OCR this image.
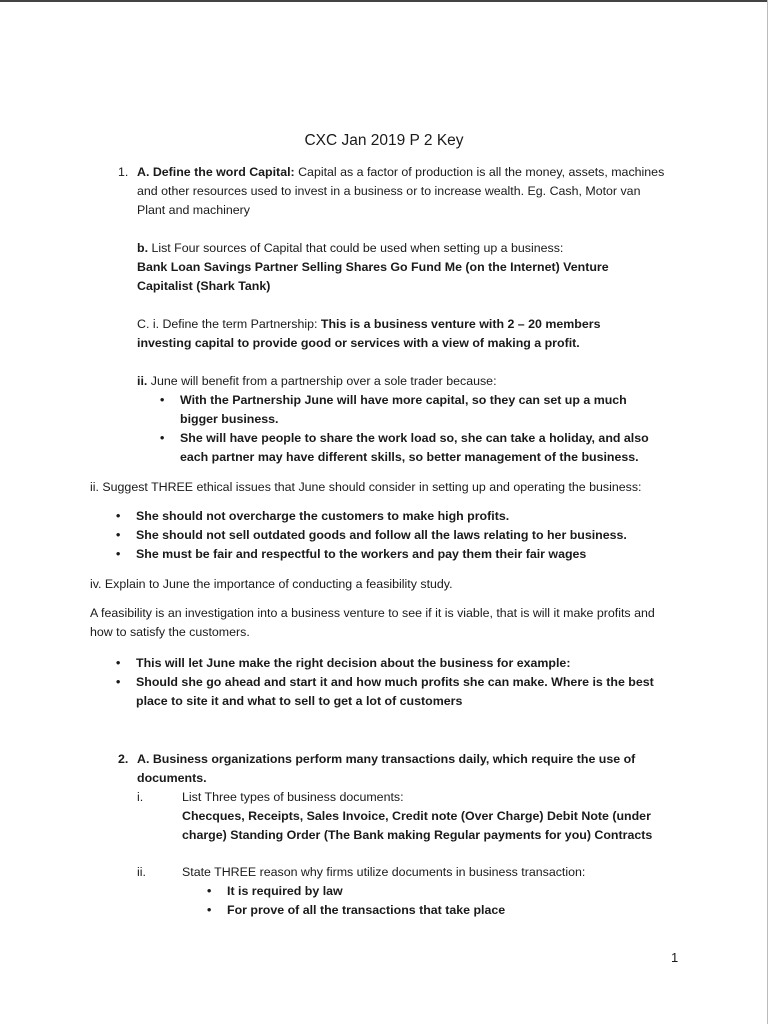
CXC Jan 2019 P 2 Key
1. A. Define the word Capital: Capital as a factor of production is all the money, assets, machines and other resources used to invest in a business or to increase wealth. Eg. Cash, Motor van Plant and machinery

b. List Four sources of Capital that could be used when setting up a business:

Bank Loan Savings Partner Selling Shares Go Fund Me (on the Internet) Venture Capitalist (Shark Tank)

C. i. Define the term Partnership: This is a business venture with 2 – 20 members investing capital to provide good or services with a view of making a profit.

ii. June will benefit from a partnership over a sole trader because:

• With the Partnership June will have more capital, so they can set up a much bigger business.
• She will have people to share the work load so, she can take a holiday, and also each partner may have different skills, so better management of the business.

ii. Suggest THREE ethical issues that June should consider in setting up and operating the business:

• She should not overcharge the customers to make high profits.
• She should not sell outdated goods and follow all the laws relating to her business.
• She must be fair and respectful to the workers and pay them their fair wages

iv. Explain to June the importance of conducting a feasibility study.

A feasibility is an investigation into a business venture to see if it is viable, that is will it make profits and how to satisfy the customers.

• This will let June make the right decision about the business for example:
• Should she go ahead and start it and how much profits she can make. Where is the best place to site it and what to sell to get a lot of customers
2. A. Business organizations perform many transactions daily, which require the use of documents.

i.	List Three types of business documents:

Checques, Receipts, Sales Invoice, Credit note (Over Charge) Debit Note (under charge) Standing Order (The Bank making Regular payments for you) Contracts

ii.	State THREE reason why firms utilize documents in business transaction:

• It is required by law
• For prove of all the transactions that take place
1
